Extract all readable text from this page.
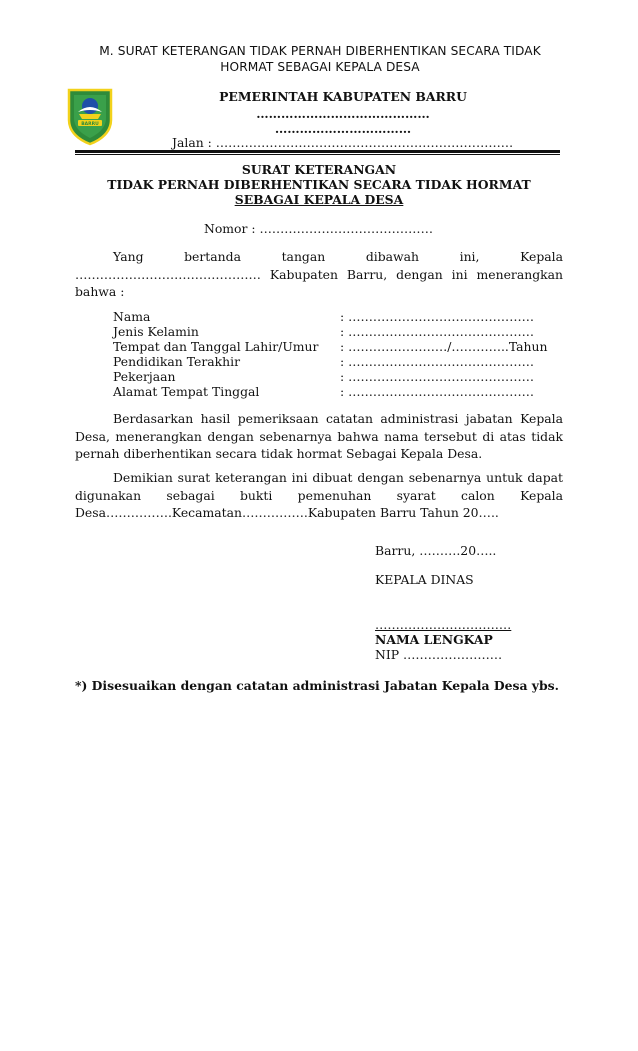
M. SURAT KETERANGAN TIDAK PERNAH DIBERHENTIKAN SECARA TIDAK
HORMAT SEBAGAI KEPALA DESA
BARRU
PEMERINTAH KABUPATEN BARRU
……………………………………
……………………………
Jalan : ………………………………………………………………
SURAT KETERANGAN
TIDAK PERNAH DIBERHENTIKAN SECARA TIDAK HORMAT
SEBAGAI KEPALA DESA
Nomor : ……………………………………
Yang bertanda tangan dibawah ini, Kepala
……………………………………… Kabupaten Barru, dengan ini menerangkan
bahwa :
Nama	: ………………………………………
Jenis Kelamin	: ………………………………………
Tempat dan Tanggal Lahir/Umur : ……………………/…………..Tahun
Pendidikan Terakhir	: ………………………………………
Pekerjaan	: ………………………………………
Alamat Tempat Tinggal	: ………………………………………
Berdasarkan hasil pemeriksaan catatan administrasi jabatan Kepala
Desa, menerangkan dengan sebenarnya bahwa nama tersebut di atas tidak
pernah diberhentikan secara tidak hormat Sebagai Kepala Desa.
Demikian surat keterangan ini dibuat dengan sebenarnya untuk dapat
digunakan sebagai bukti pemenuhan syarat calon Kepala
Desa…………….Kecamatan…………….Kabupaten Barru Tahun 20…..
Barru, ……….20…..
KEPALA DINAS
……………………………
NAMA LENGKAP
NIP ……………………
*) Disesuaikan dengan catatan administrasi Jabatan Kepala Desa ybs.
